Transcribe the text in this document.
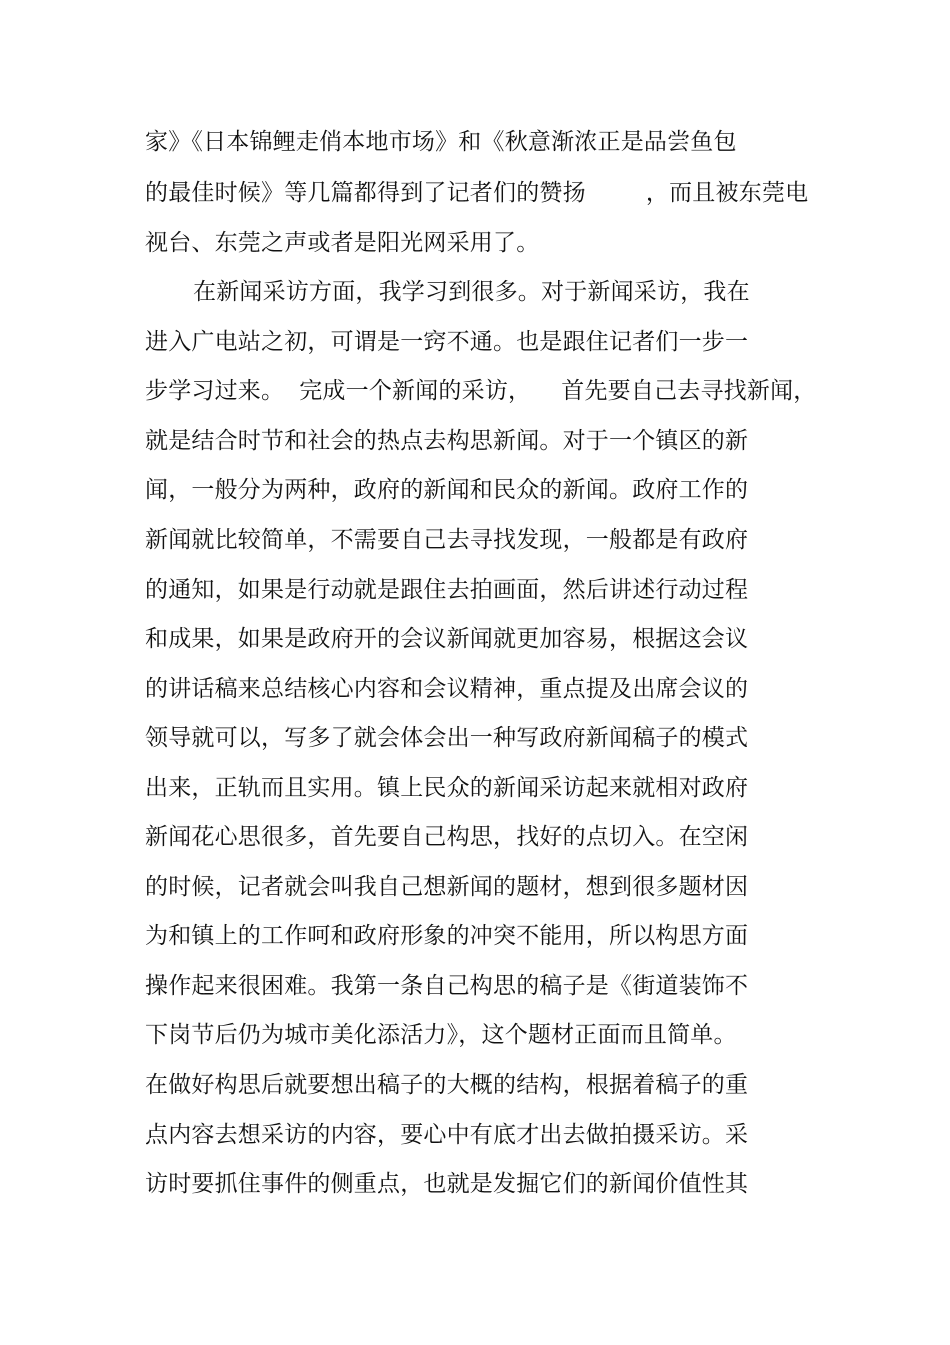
家》《日本锦鲤走俏本地市场》和《秋意渐浓正是品尝鱼包
的最佳时候》等几篇都得到了记者们的赞扬        ，而且被东莞电
视台、东莞之声或者是阳光网采用了。
在新闻采访方面，我学习到很多。对于新闻采访，我在
进入广电站之初，可谓是一窍不通。也是跟住记者们一步一
步学习过来。  完成一个新闻的采访，    首先要自己去寻找新闻，
就是结合时节和社会的热点去构思新闻。对于一个镇区的新
闻，一般分为两种，政府的新闻和民众的新闻。政府工作的
新闻就比较简单，不需要自己去寻找发现，一般都是有政府
的通知，如果是行动就是跟住去拍画面，然后讲述行动过程
和成果，如果是政府开的会议新闻就更加容易，根据这会议
的讲话稿来总结核心内容和会议精神，重点提及出席会议的
领导就可以，写多了就会体会出一种写政府新闻稿子的模式
出来，正轨而且实用。镇上民众的新闻采访起来就相对政府
新闻花心思很多，首先要自己构思，找好的点切入。在空闲
的时候，记者就会叫我自己想新闻的题材，想到很多题材因
为和镇上的工作呵和政府形象的冲突不能用，所以构思方面
操作起来很困难。我第一条自己构思的稿子是《街道装饰不
下岗节后仍为城市美化添活力》，这个题材正面而且简单。
在做好构思后就要想出稿子的大概的结构，根据着稿子的重
点内容去想采访的内容，要心中有底才出去做拍摄采访。采
访时要抓住事件的侧重点，也就是发掘它们的新闻价值性其
